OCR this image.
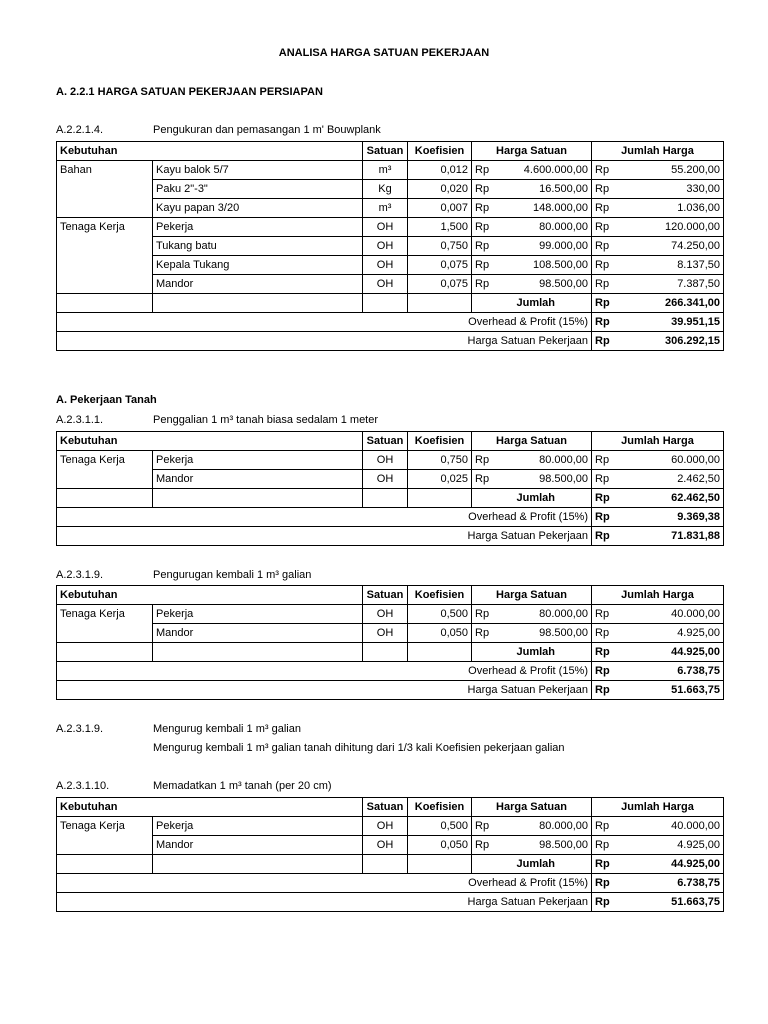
ANALISA HARGA SATUAN PEKERJAAN
A. 2.2.1 HARGA SATUAN PEKERJAAN PERSIAPAN
A.2.2.1.4.	Pengukuran dan pemasangan 1 m' Bouwplank
Kebutuhan		Satuan	Koefisien	Harga Satuan	Jumlah Harga
Bahan	Kayu balok 5/7	m³	0,012	Rp 4.600.000,00	Rp 55.200,00

	Paku 2"-3"	Kg	0,020	Rp 16.500,00	Rp 330,00

	Kayu papan 3/20	m³	0,007	Rp 148.000,00	Rp 1.036,00

Tenaga Kerja	Pekerja	OH	1,500	Rp 80.000,00	Rp 120.000,00

	Tukang batu	OH	0,750	Rp 99.000,00	Rp 74.250,00

	Kepala Tukang	OH	0,075	Rp 108.500,00	Rp 8.137,50

	Mandor	OH	0,075	Rp 98.500,00	Rp 7.387,50

				Jumlah	Rp 266.341,00

Overhead & Profit (15%)					Rp 39.951,15

Harga Satuan Pekerjaan					Rp 306.292,15
A. Pekerjaan Tanah
A.2.3.1.1.	Penggalian 1 m³ tanah biasa sedalam 1 meter
Kebutuhan		Satuan	Koefisien	Harga Satuan	Jumlah Harga
Tenaga Kerja	Pekerja	OH	0,750	Rp 80.000,00	Rp 60.000,00

	Mandor	OH	0,025	Rp 98.500,00	Rp 2.462,50

				Jumlah	Rp 62.462,50

Overhead & Profit (15%)					Rp 9.369,38

Harga Satuan Pekerjaan					Rp 71.831,88
A.2.3.1.9.	Pengurugan kembali 1 m³ galian
Kebutuhan		Satuan	Koefisien	Harga Satuan	Jumlah Harga
Tenaga Kerja	Pekerja	OH	0,500	Rp 80.000,00	Rp 40.000,00

	Mandor	OH	0,050	Rp 98.500,00	Rp 4.925,00

				Jumlah	Rp 44.925,00

Overhead & Profit (15%)					Rp 6.738,75

Harga Satuan Pekerjaan					Rp 51.663,75
A.2.3.1.9.	Mengurug kembali 1 m³ galian
Mengurug kembali 1 m³ galian tanah dihitung dari 1/3 kali Koefisien pekerjaan galian
A.2.3.1.10.	Memadatkan 1 m³ tanah (per 20 cm)
Kebutuhan		Satuan	Koefisien	Harga Satuan	Jumlah Harga
Tenaga Kerja	Pekerja	OH	0,500	Rp 80.000,00	Rp 40.000,00

	Mandor	OH	0,050	Rp 98.500,00	Rp 4.925,00

				Jumlah	Rp 44.925,00

Overhead & Profit (15%)					Rp 6.738,75

Harga Satuan Pekerjaan					Rp 51.663,75
